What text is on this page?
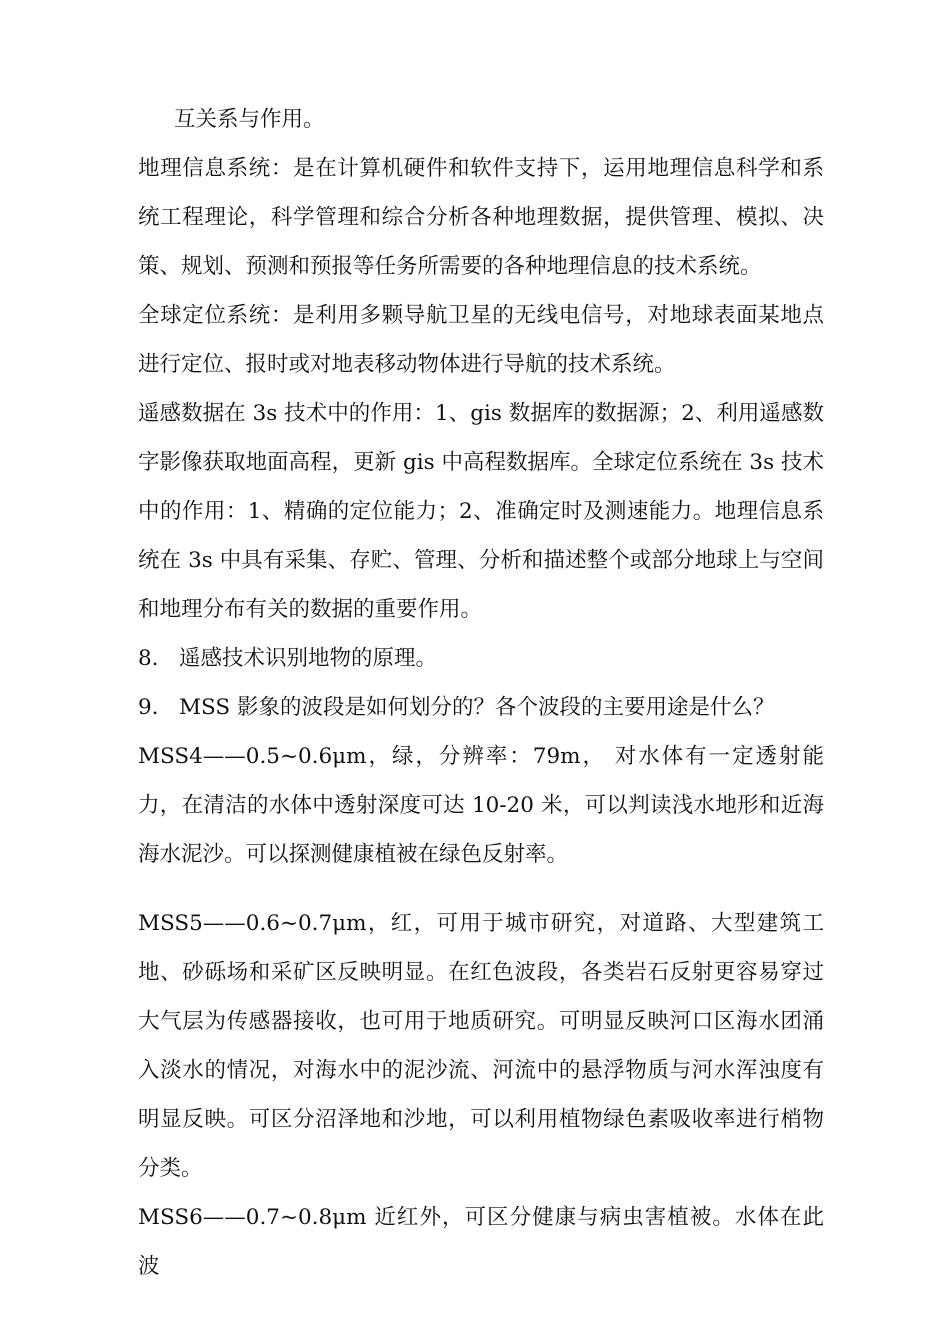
互关系与作用。

地理信息系统：是在计算机硬件和软件支持下，运用地理信息科学和系统工程理论，科学管理和综合分析各种地理数据，提供管理、模拟、决策、规划、预测和预报等任务所需要的各种地理信息的技术系统。

全球定位系统：是利用多颗导航卫星的无线电信号，对地球表面某地点进行定位、报时或对地表移动物体进行导航的技术系统。

遥感数据在 3s 技术中的作用：1、gis 数据库的数据源；2、利用遥感数字影像获取地面高程，更新 gis 中高程数据库。全球定位系统在 3s 技术中的作用：1、精确的定位能力；2、准确定时及测速能力。地理信息系统在 3s 中具有采集、存贮、管理、分析和描述整个或部分地球上与空间和地理分布有关的数据的重要作用。

8.   遥感技术识别地物的原理。

9.   MSS 影象的波段是如何划分的？各个波段的主要用途是什么？

MSS4——0.5~0.6μm，绿，分辨率：79m， 对水体有一定透射能力，在清洁的水体中透射深度可达 10-20 米，可以判读浅水地形和近海海水泥沙。可以探测健康植被在绿色反射率。

MSS5——0.6~0.7μm，红，可用于城市研究，对道路、大型建筑工地、砂砾场和采矿区反映明显。在红色波段，各类岩石反射更容易穿过大气层为传感器接收，也可用于地质研究。可明显反映河口区海水团涌入淡水的情况，对海水中的泥沙流、河流中的悬浮物质与河水浑浊度有明显反映。可区分沼泽地和沙地，可以利用植物绿色素吸收率进行梢物分类。

MSS6——0.7~0.8μm 近红外，可区分健康与病虫害植被。水体在此波
